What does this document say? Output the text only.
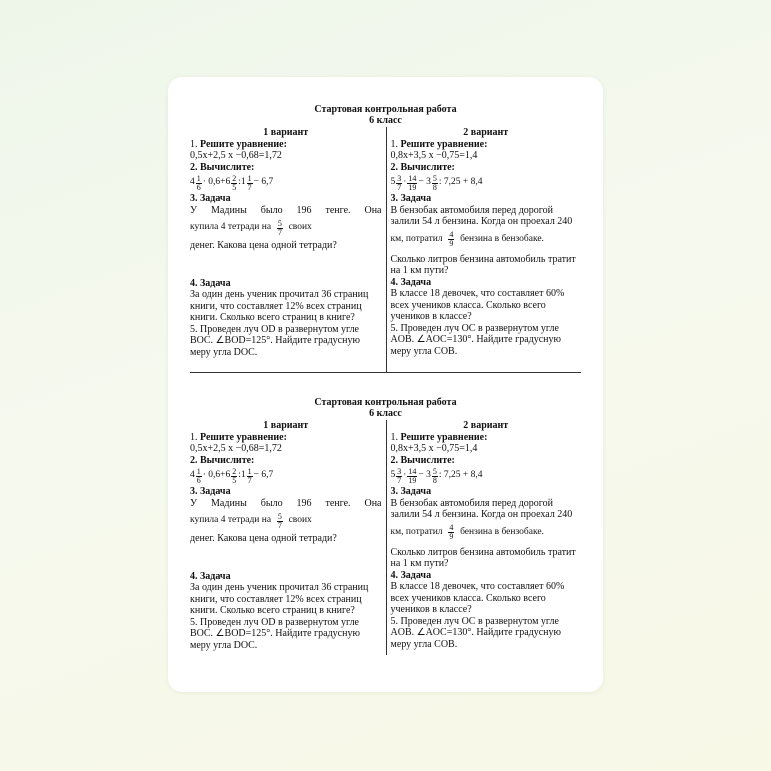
Стартовая контрольная работа
6 класс
1 вариант
1. Решите уравнение:
0,5x+2,5 x −0,68=1,72
2. Вычислите:
$4 \frac{1}{6} \cdot 0,6+6 \frac{2}{5}$ :1 $\frac{1}{7} - 6,7$
3. Задача
У Мадины было 196 тенге. Она
купила 4 тетради на
$\frac{5}{7}$
своих
денег. Какова цена одной тетради?
4. Задача
За один день ученик прочитал 36 страниц книги, что составляет 12% всех страниц книги. Сколько всего страниц в книге?
5. Проведен луч OD в развернутом угле BOC. ∠BOD=125°. Найдите градусную меру угла DOC.
2 вариант
1. Решите уравнение:
0,8x+3,5 x −0,75=1,4
2. Вычислите:
$5 \frac{3}{7} \cdot \frac{14}{19} - 3 \frac{5}{8}$ : 7,25 + 8,4
3. Задача
В бензобак автомобиля перед дорогой залили 54 л бензина. Когда он проехал 240
км, потратил
$\frac{4}{9}$
бензина в бензобаке.
Сколько литров бензина автомобиль тратит на 1 км пути?
4. Задача
В классе 18 девочек, что составляет 60% всех учеников класса. Сколько всего учеников в классе?
5. Проведен луч OC в развернутом угле AOB. ∠AOC=130°. Найдите градусную меру угла COB.
Стартовая контрольная работа
6 класс
1 вариант
1. Решите уравнение:
0,5x+2,5 x −0,68=1,72
2. Вычислите:
$4 \frac{1}{6} \cdot 0,6+6 \frac{2}{5}$ :1 $\frac{1}{7} - 6,7$
3. Задача
У Мадины было 196 тенге. Она
купила 4 тетради на
$\frac{5}{7}$
своих
денег. Какова цена одной тетради?
4. Задача
За один день ученик прочитал 36 страниц книги, что составляет 12% всех страниц книги. Сколько всего страниц в книге?
5. Проведен луч OD в развернутом угле BOC. ∠BOD=125°. Найдите градусную меру угла DOC.
2 вариант
1. Решите уравнение:
0,8x+3,5 x −0,75=1,4
2. Вычислите:
$5 \frac{3}{7} \cdot \frac{14}{19} - 3 \frac{5}{8}$ : 7,25 + 8,4
3. Задача
В бензобак автомобиля перед дорогой залили 54 л бензина. Когда он проехал 240
км, потратил
$\frac{4}{9}$
бензина в бензобаке.
Сколько литров бензина автомобиль тратит на 1 км пути?
4. Задача
В классе 18 девочек, что составляет 60% всех учеников класса. Сколько всего учеников в классе?
5. Проведен луч OC в развернутом угле AOB. ∠AOC=130°. Найдите градусную меру угла COB.
